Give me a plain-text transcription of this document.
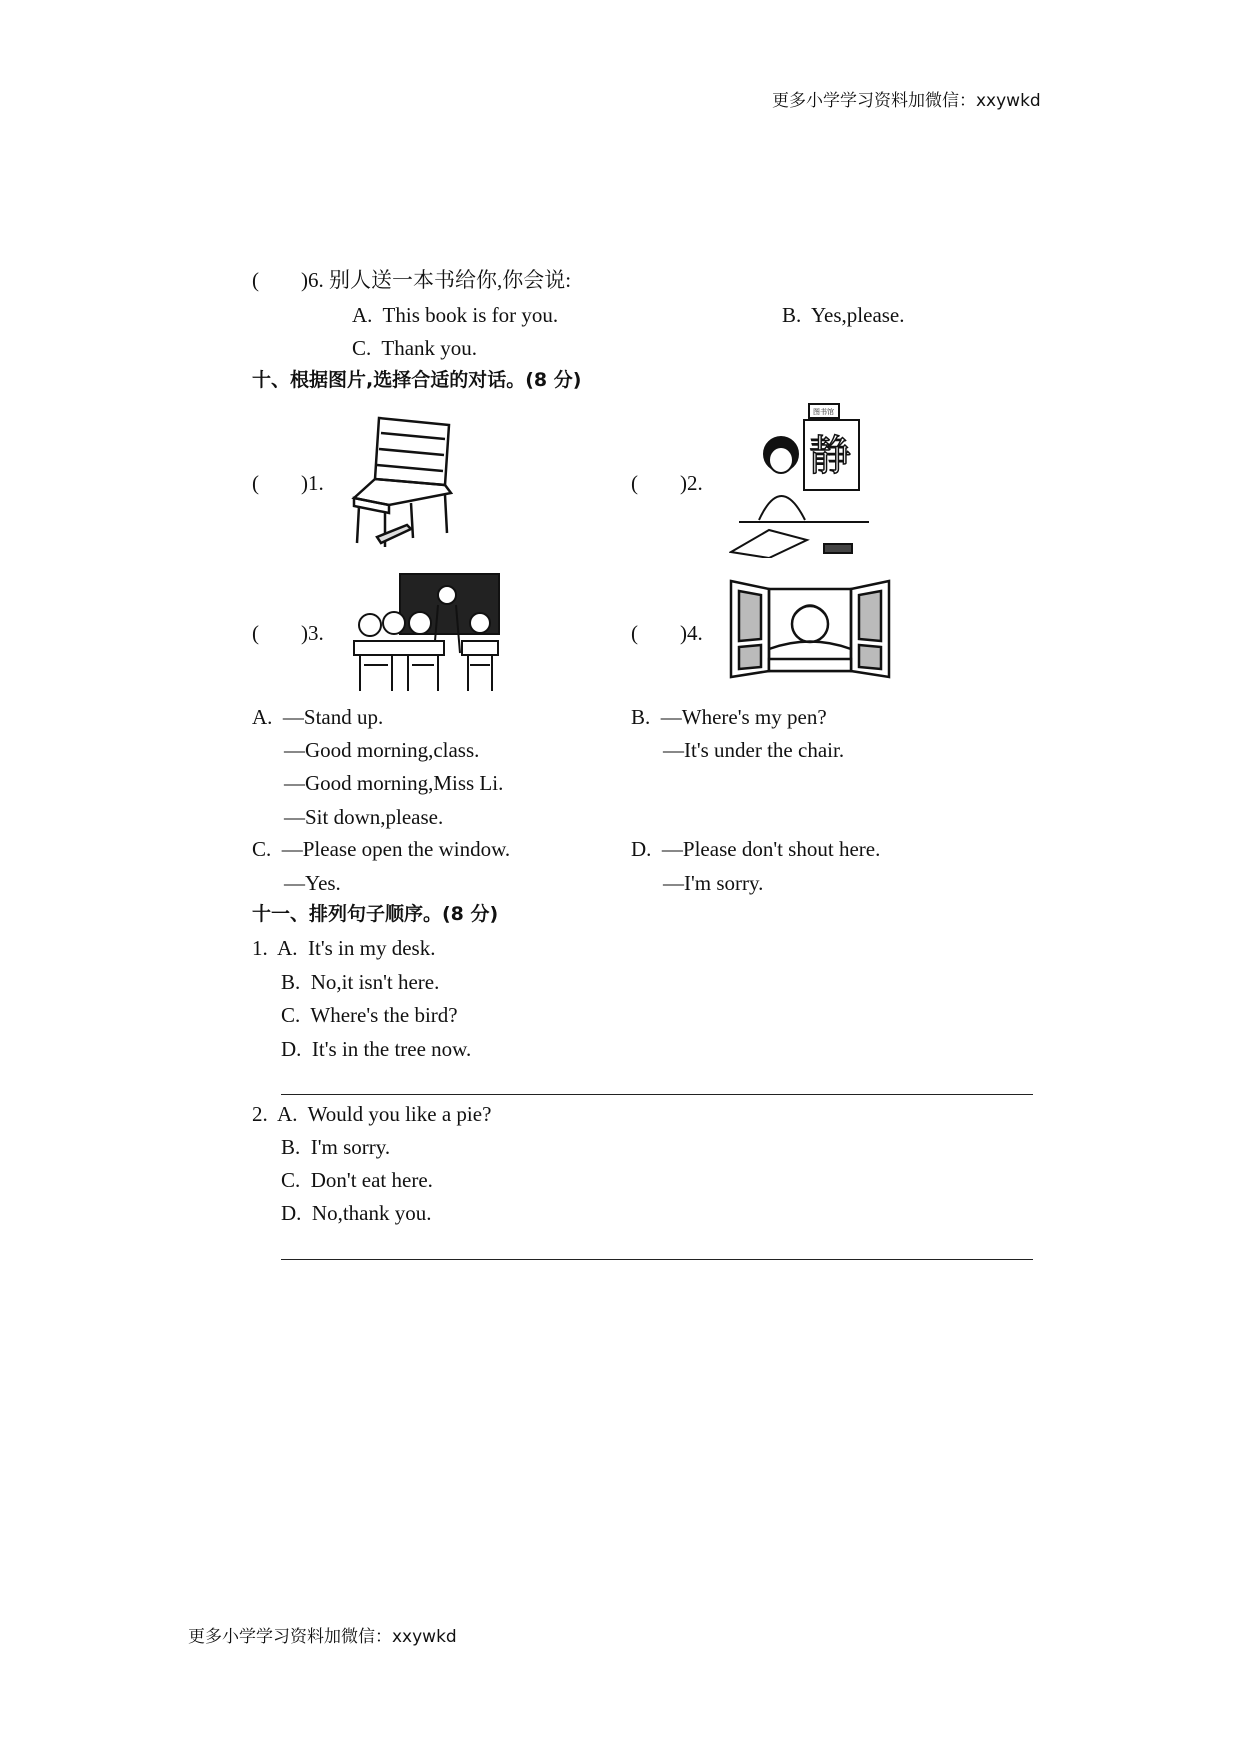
更多小学学习资料加微信：xxywkd
(　　)6. 别人送一本书给你,你会说:
A.  This book is for you.	B.  Yes,please.
C.  Thank you.
十、根据图片,选择合适的对话。(8 分)
(　　)1.	(　　)2.
图书馆
静
(　　)3.	(　　)4.
A.  —Stand up.
—Good morning,class.
—Good morning,Miss Li.
—Sit down,please.
B.  —Where's my pen?
—It's under the chair.
C.  —Please open the window.
—Yes.
D.  —Please don't shout here.
—I'm sorry.
十一、排列句子顺序。(8 分)
1.  A.  It's in my desk.
B.  No,it isn't here.
C.  Where's the bird?
D.  It's in the tree now.
2.  A.  Would you like a pie?
B.  I'm sorry.
C.  Don't eat here.
D.  No,thank you.
更多小学学习资料加微信：xxywkd
